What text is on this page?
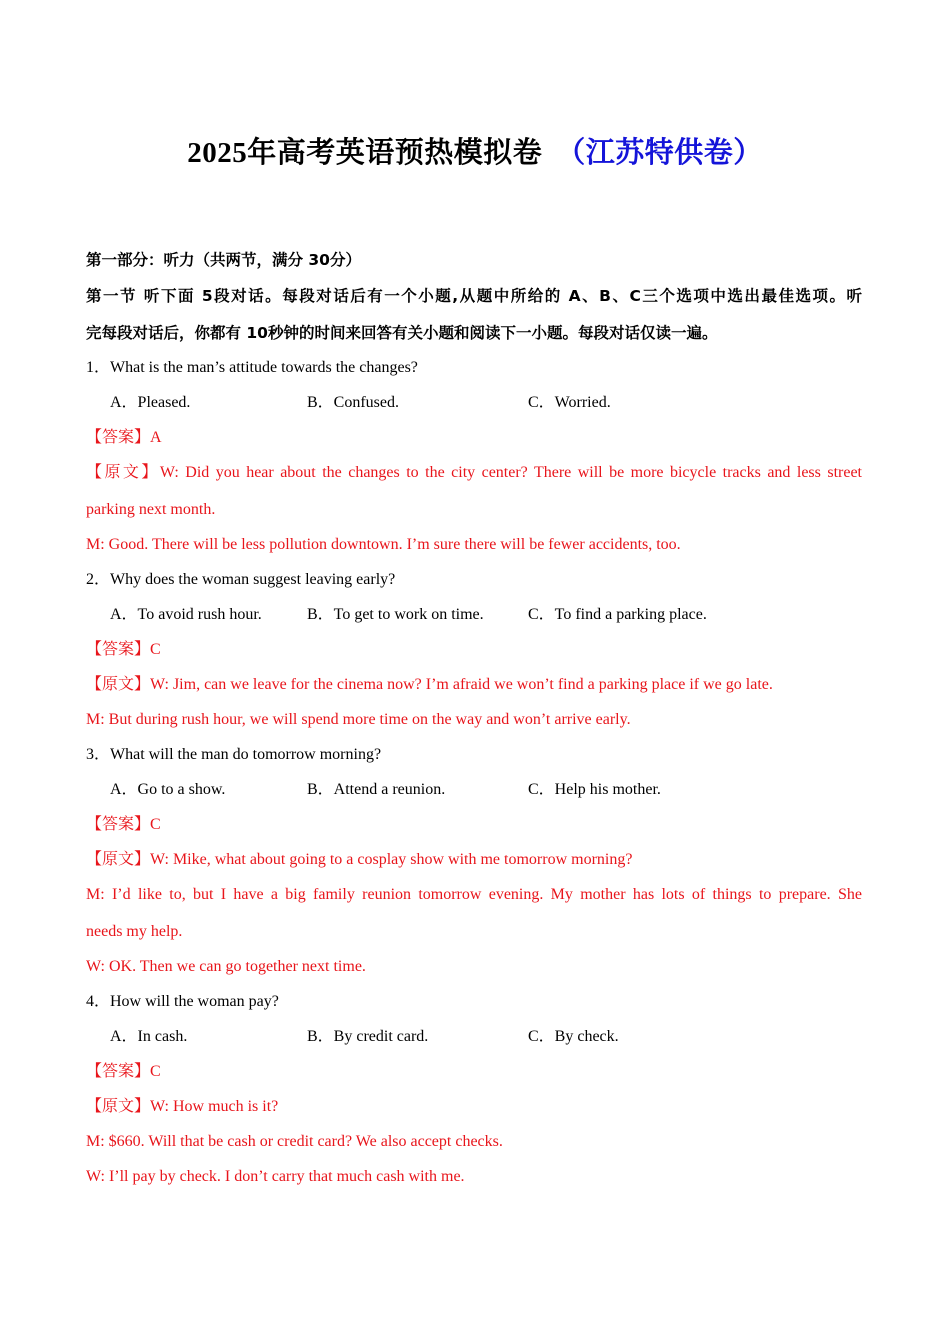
2025年高考英语预热模拟卷 （江苏特供卷）
第一部分：听力（共两节，满分 30分）
第一节 听下面 5段对话。每段对话后有一个小题,从题中所给的 A、B、C三个选项中选出最佳选项。听
完每段对话后，你都有 10秒钟的时间来回答有关小题和阅读下一小题。每段对话仅读一遍。
1．What is the man’s attitude towards the changes?
A．Pleased.	B．Confused.	C．Worried.
【答案】A
【原文】W: Did you hear about the changes to the city center? There will be more bicycle tracks and less street
parking next month.
M: Good. There will be less pollution downtown. I’m sure there will be fewer accidents, too.
2．Why does the woman suggest leaving early?
A．To avoid rush hour.	B．To get to work on time.	C．To find a parking place.
【答案】C
【原文】W: Jim, can we leave for the cinema now? I’m afraid we won’t find a parking place if we go late.
M: But during rush hour, we will spend more time on the way and won’t arrive early.
3．What will the man do tomorrow morning?
A．Go to a show.	B．Attend a reunion.	C．Help his mother.
【答案】C
【原文】W: Mike, what about going to a cosplay show with me tomorrow morning?
M: I’d like to, but I have a big family reunion tomorrow evening. My mother has lots of things to prepare. She
needs my help.
W: OK. Then we can go together next time.
4．How will the woman pay?
A．In cash.	B．By credit card.	C．By check.
【答案】C
【原文】W: How much is it?
M: $660. Will that be cash or credit card? We also accept checks.
W: I’ll pay by check. I don’t carry that much cash with me.
